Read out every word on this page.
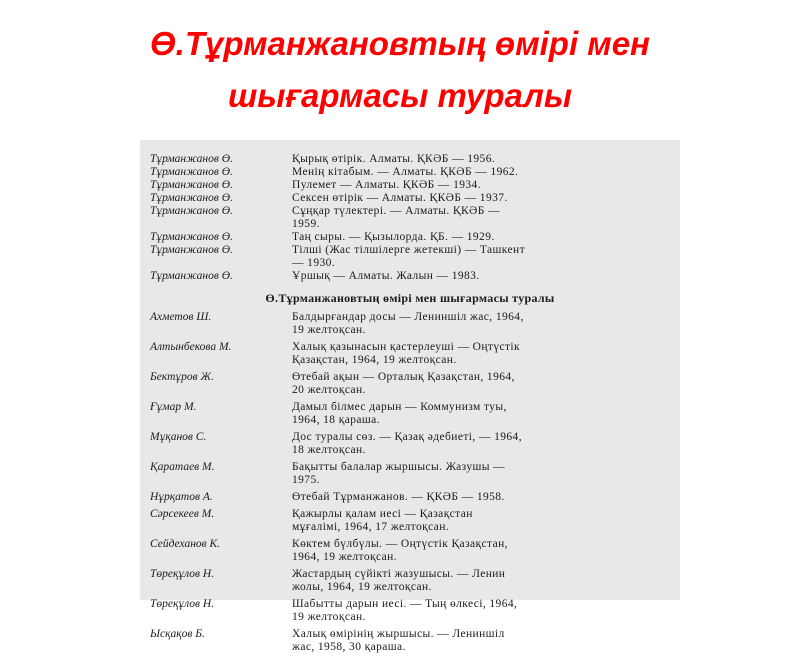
Ө.Тұрманжановтың өмірі мен
шығармасы туралы
Тұрманжанов Ө.	Қырық өтірік. Алматы. ҚКӘБ — 1956.
Тұрманжанов Ө.	Менің кітабым. — Алматы. ҚКӘБ — 1962.
Тұрманжанов Ө.	Пулемет — Алматы. ҚКӘБ — 1934.
Тұрманжанов Ө.	Сексен өтірік — Алматы. ҚКӘБ — 1937.
Тұрманжанов Ө.	Сұңқар түлектері. — Алматы. ҚКӘБ —
1959.
Тұрманжанов Ө.	Таң сыры. — Қызылорда. ҚБ. — 1929.
Тұрманжанов Ө.	Тілші (Жас тілшілерге жетекші) — Ташкент
— 1930.
Тұрманжанов Ө.	Ұршық — Алматы. Жалын — 1983.
Ө.Тұрманжановтың өмірі мен шығармасы туралы
Ахметов Ш.	Балдырғандар досы — Лениншіл жас, 1964,
19 желтоқсан.
Алтынбекова М.	Халық қазынасын қастерлеуші — Оңтүстік
Қазақстан, 1964, 19 желтоқсан.
Бектұров Ж.	Өтебай ақын — Орталық Қазақстан, 1964,
20 желтоқсан.
Ғұмар М.	Дамыл білмес дарын — Коммунизм туы,
1964, 18 қараша.
Мұқанов С.	Дос туралы сөз. — Қазақ әдебиеті, — 1964,
18 желтоқсан.
Қаратаев М.	Бақытты балалар жыршысы. Жазушы —
1975.
Нұрқатов А.	Өтебай Тұрманжанов. — ҚКӘБ — 1958.
Сәрсекеев М.	Қажырлы қалам иесі — Қазақстан
мұғалімі, 1964, 17 желтоқсан.
Сейдеханов К.	Көктем бүлбүлы. — Оңтүстік Қазақстан,
1964, 19 желтоқсан.
Төреқұлов Н.	Жастардың сүйікті жазушысы. — Ленин
жолы, 1964, 19 желтоқсан.
Төреқұлов Н.	Шабытты дарын иесі. — Тың өлкесі, 1964,
19 желтоқсан.
Ысқақов Б.	Халық өмірінің жыршысы. — Лениншіл
жас, 1958, 30 қараша.
